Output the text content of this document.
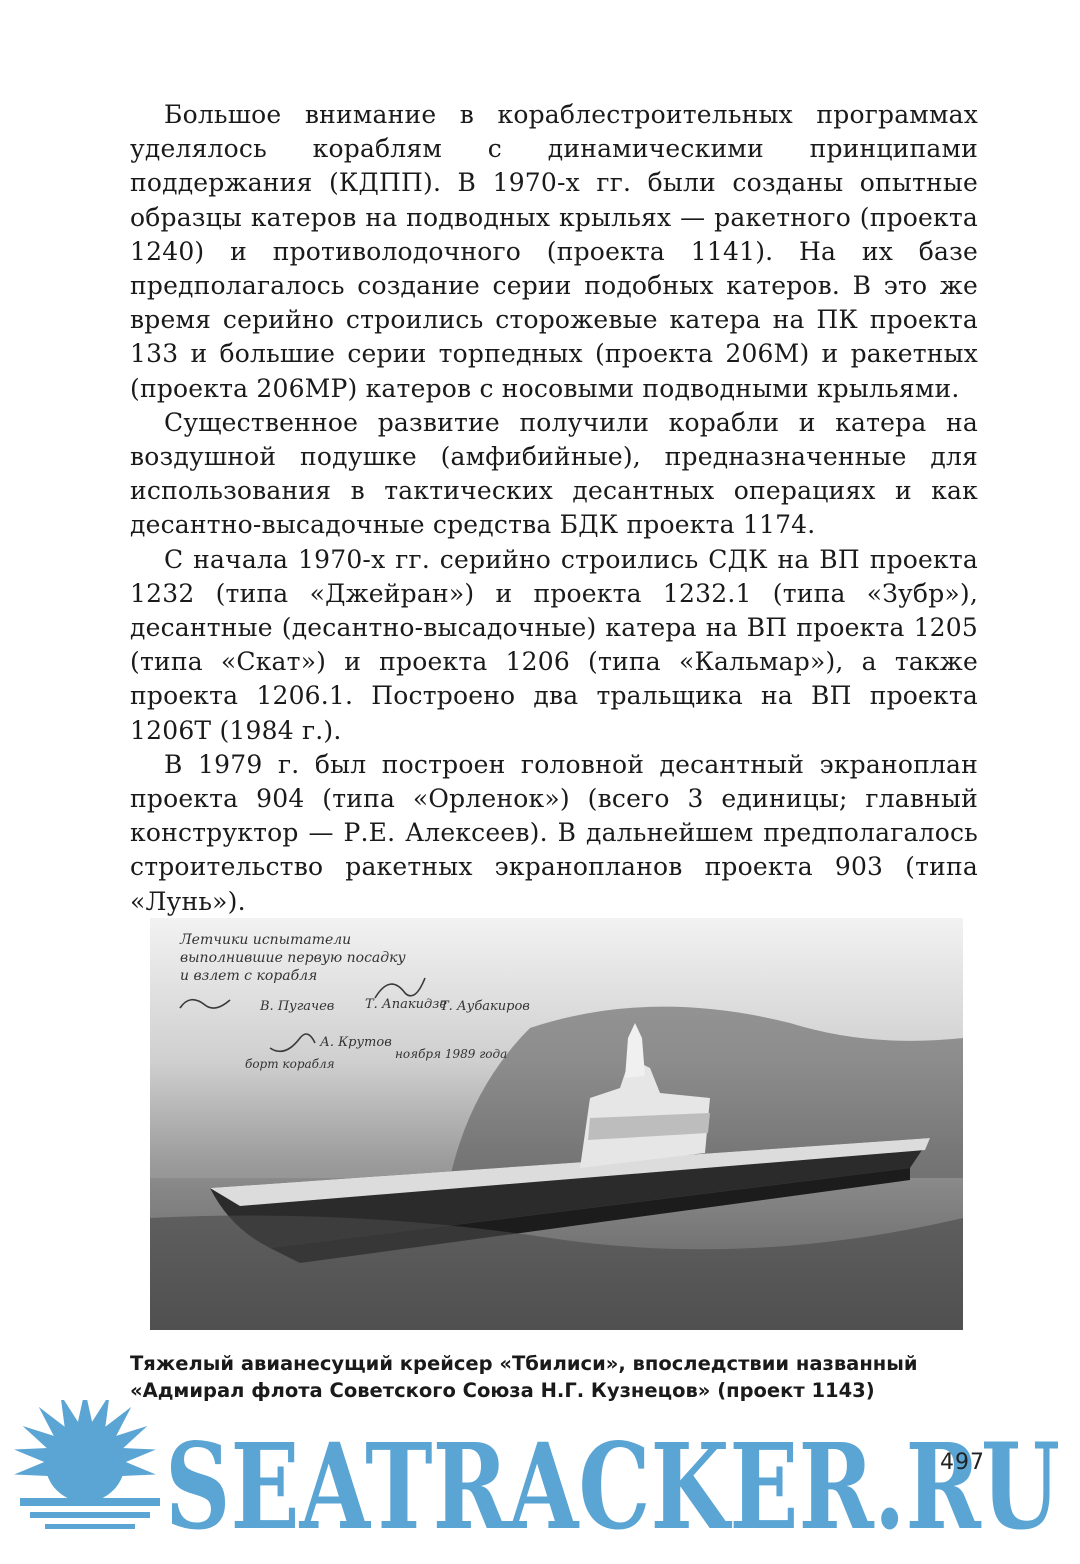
Большое внимание в кораблестроительных программах уделялось кораблям с динамическими принципами поддержания (КДПП). В 1970-х гг. были созданы опытные образцы катеров на подводных крыльях — ракетного (проекта 1240) и противолодочного (проекта 1141). На их базе предполагалось создание серии подобных катеров. В это же время серийно строились сторожевые катера на ПК проекта 133 и большие серии торпедных (проекта 206М) и ракетных (проекта 206МР) катеров с носовыми подводными крыльями.

Существенное развитие получили корабли и катера на воздушной подушке (амфибийные), предназначенные для использования в тактических десантных операциях и как десантно-высадочные средства БДК проекта 1174.

С начала 1970-х гг. серийно строились СДК на ВП проекта 1232 (типа «Джейран») и проекта 1232.1 (типа «Зубр»), десантные (десантно-высадочные) катера на ВП проекта 1205 (типа «Скат») и проекта 1206 (типа «Кальмар»), а также проекта 1206.1. Построено два тральщика на ВП проекта 1206Т (1984 г.).

В 1979 г. был построен головной десантный экраноплан проекта 904 (типа «Орленок») (всего 3 единицы; главный конструктор — Р.Е. Алексеев). В дальнейшем предполагалось строительство ракетных экранопланов проекта 903 (типа «Лунь»).

Летчики испытатели
выполнившие первую посадку
и взлет с корабля
В. Пугачев Т. Апакидзе
Т. Аубакиров
А. Крутов
борт корабля
ноября 1989 года
Тяжелый авианесущий крейсер «Тбилиси», впоследствии названный
«Адмирал флота Советского Союза Н.Г. Кузнецов» (проект 1143)
SEATRACKER.RU
497
